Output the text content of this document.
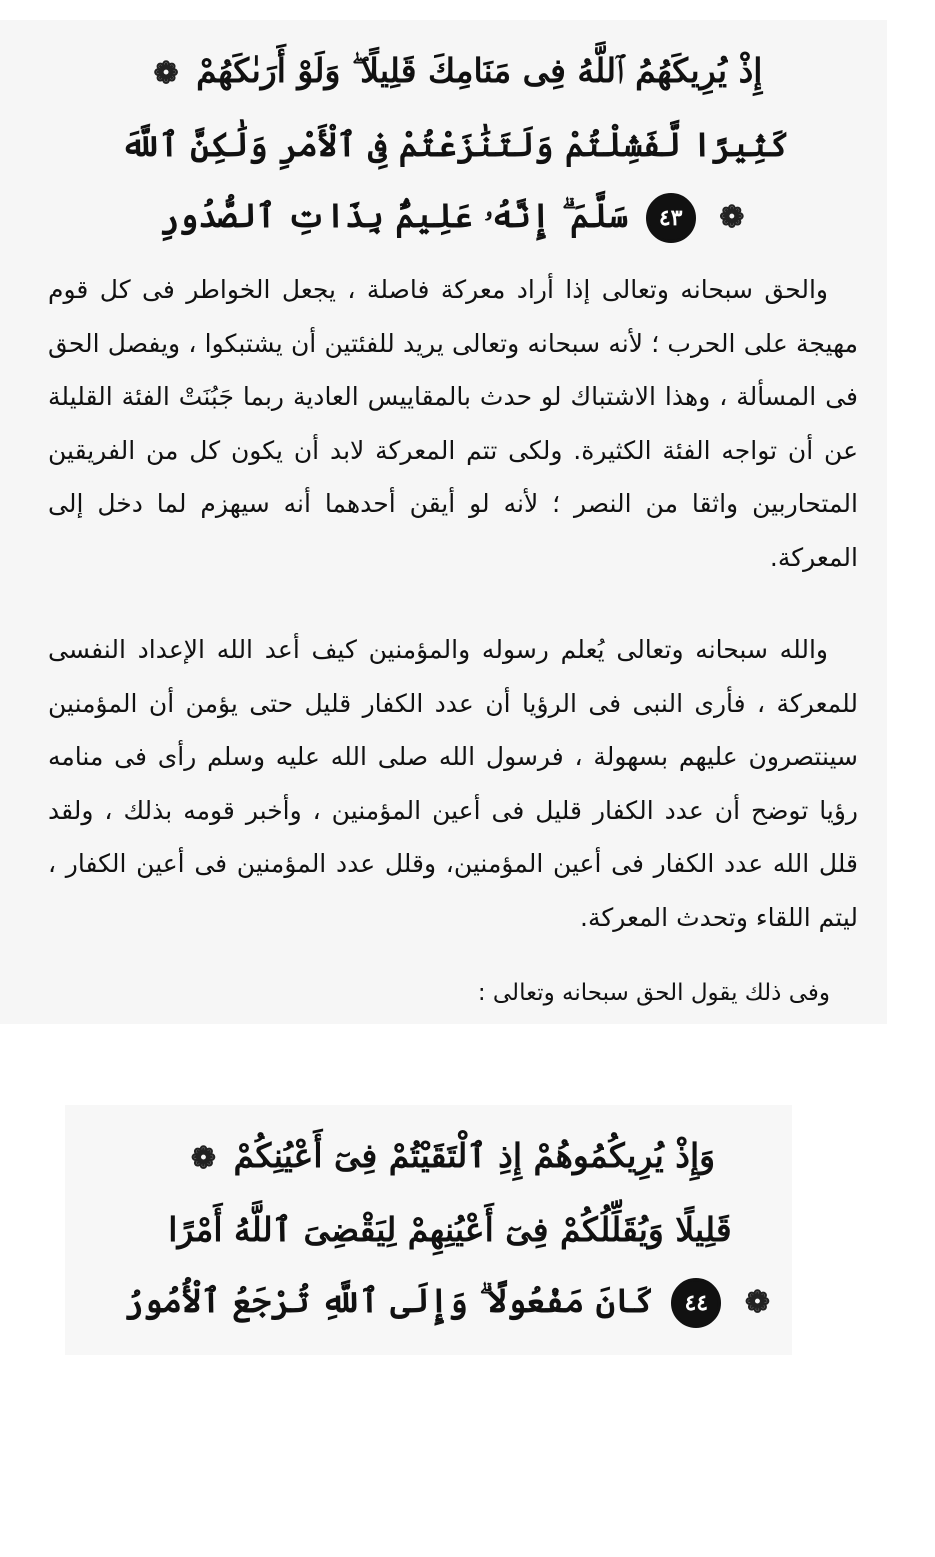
إِذْ يُرِيكَهُمُ ٱللَّهُ فِى مَنَامِكَ قَلِيلًا ۖ وَلَوْ أَرَىٰكَهُمْ ❁
كَثِيرًا لَّفَشِلْتُمْ وَلَتَنَٰزَعْتُمْ فِى ٱلْأَمْرِ وَلَٰكِنَّ ٱللَّهَ
❁ ٤٣ سَلَّمَ ۗ إِنَّهُۥ عَلِيمٌۢ بِذَاتِ ٱلصُّدُورِ
والحق سبحانه وتعالى إذا أراد معركة فاصلة ، يجعل الخواطر فى كل قوم مهيجة على الحرب ؛ لأنه سبحانه وتعالى يريد للفئتين أن يشتبكوا ، ويفصل الحق فى المسألة ، وهذا الاشتباك لو حدث بالمقاييس العادية ربما جَبُنَتْ الفئة القليلة عن أن تواجه الفئة الكثيرة. ولكى تتم المعركة لابد أن يكون كل من الفريقين المتحاربين واثقا من النصر ؛ لأنه لو أيقن أحدهما أنه سيهزم لما دخل إلى المعركة.
والله سبحانه وتعالى يُعلم رسوله والمؤمنين كيف أعد الله الإعداد النفسى للمعركة ، فأرى النبى فى الرؤيا أن عدد الكفار قليل حتى يؤمن أن المؤمنين سينتصرون عليهم بسهولة ، فرسول الله صلى الله عليه وسلم رأى فى منامه رؤيا توضح أن عدد الكفار قليل فى أعين المؤمنين ، وأخبر قومه بذلك ، ولقد قلل الله عدد الكفار فى أعين المؤمنين، وقلل عدد المؤمنين فى أعين الكفار ، ليتم اللقاء وتحدث المعركة.
وفى ذلك يقول الحق سبحانه وتعالى :
وَإِذْ يُرِيكُمُوهُمْ إِذِ ٱلْتَقَيْتُمْ فِىٓ أَعْيُنِكُمْ ❁
قَلِيلًا وَيُقَلِّلُكُمْ فِىٓ أَعْيُنِهِمْ لِيَقْضِىَ ٱللَّهُ أَمْرًا
❁ ٤٤ كَانَ مَفْعُولًا ۗ وَإِلَى ٱللَّهِ تُرْجَعُ ٱلْأُمُورُ
